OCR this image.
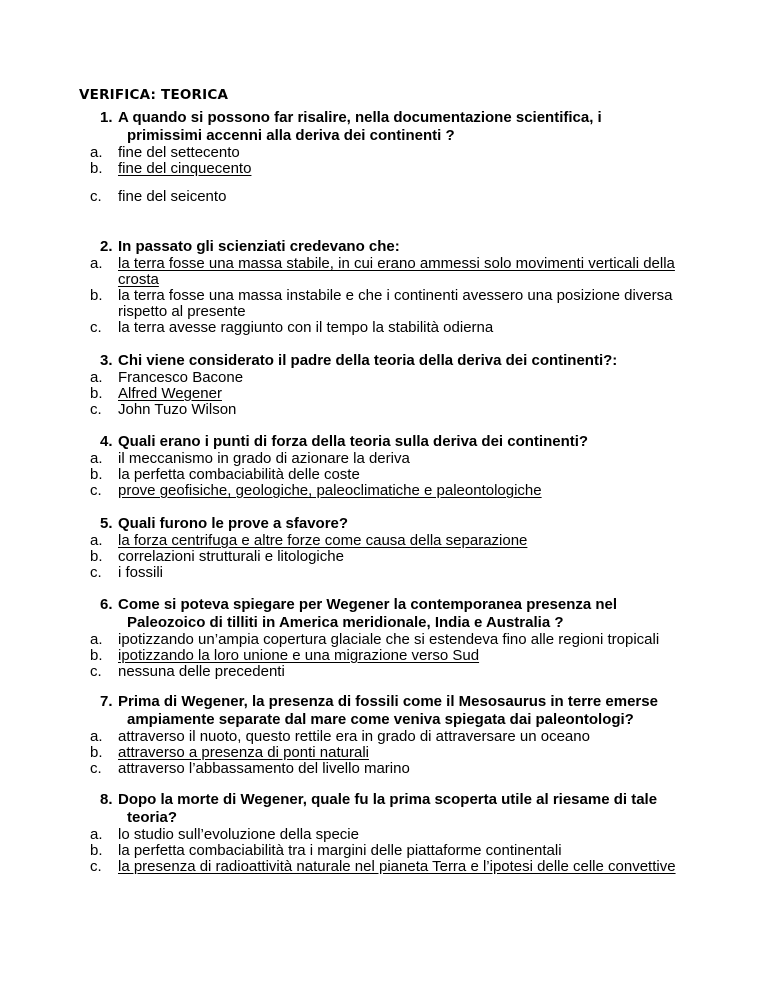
VERIFICA: TEORICA
1. A quando si possono far risalire, nella documentazione scientifica, i
primissimi accenni alla deriva dei continenti ?
a. fine del settecento
b. fine del cinquecento
c. fine del seicento
2. In passato gli scienziati credevano che:
a. la terra fosse una massa stabile, in cui erano ammessi solo movimenti verticali della
crosta
b. la terra fosse una massa instabile e che i continenti avessero una posizione diversa
rispetto al presente
c. la terra avesse raggiunto con il tempo la stabilità odierna
3. Chi viene considerato il padre della teoria della deriva dei continenti?:
a. Francesco Bacone
b. Alfred Wegener
c. John Tuzo Wilson
4. Quali erano i punti di forza della teoria sulla deriva dei continenti?
a. il meccanismo in grado di azionare la deriva
b. la perfetta combaciabilità delle coste
c. prove geofisiche, geologiche, paleoclimatiche e paleontologiche
5. Quali furono le prove a sfavore?
a. la forza centrifuga e altre forze come causa della separazione
b. correlazioni strutturali e litologiche
c. i fossili
6. Come si poteva spiegare per Wegener la contemporanea presenza nel
Paleozoico di tilliti in America meridionale, India e Australia ?
a. ipotizzando un’ampia copertura glaciale che si estendeva fino alle regioni tropicali
b. ipotizzando la loro unione e una migrazione verso Sud
c. nessuna delle precedenti
7. Prima di Wegener, la presenza di fossili come il Mesosaurus in terre emerse
ampiamente separate dal mare come veniva spiegata dai paleontologi?
a. attraverso il nuoto, questo rettile era in grado di attraversare un oceano
b. attraverso a presenza di ponti naturali
c. attraverso l’abbassamento del livello marino
8. Dopo la morte di Wegener, quale fu la prima scoperta utile al riesame di tale
teoria?
a. lo studio sull’evoluzione della specie
b. la perfetta combaciabilità tra i margini delle piattaforme continentali
c. la presenza di radioattività naturale nel pianeta Terra e l’ipotesi delle celle convettive
